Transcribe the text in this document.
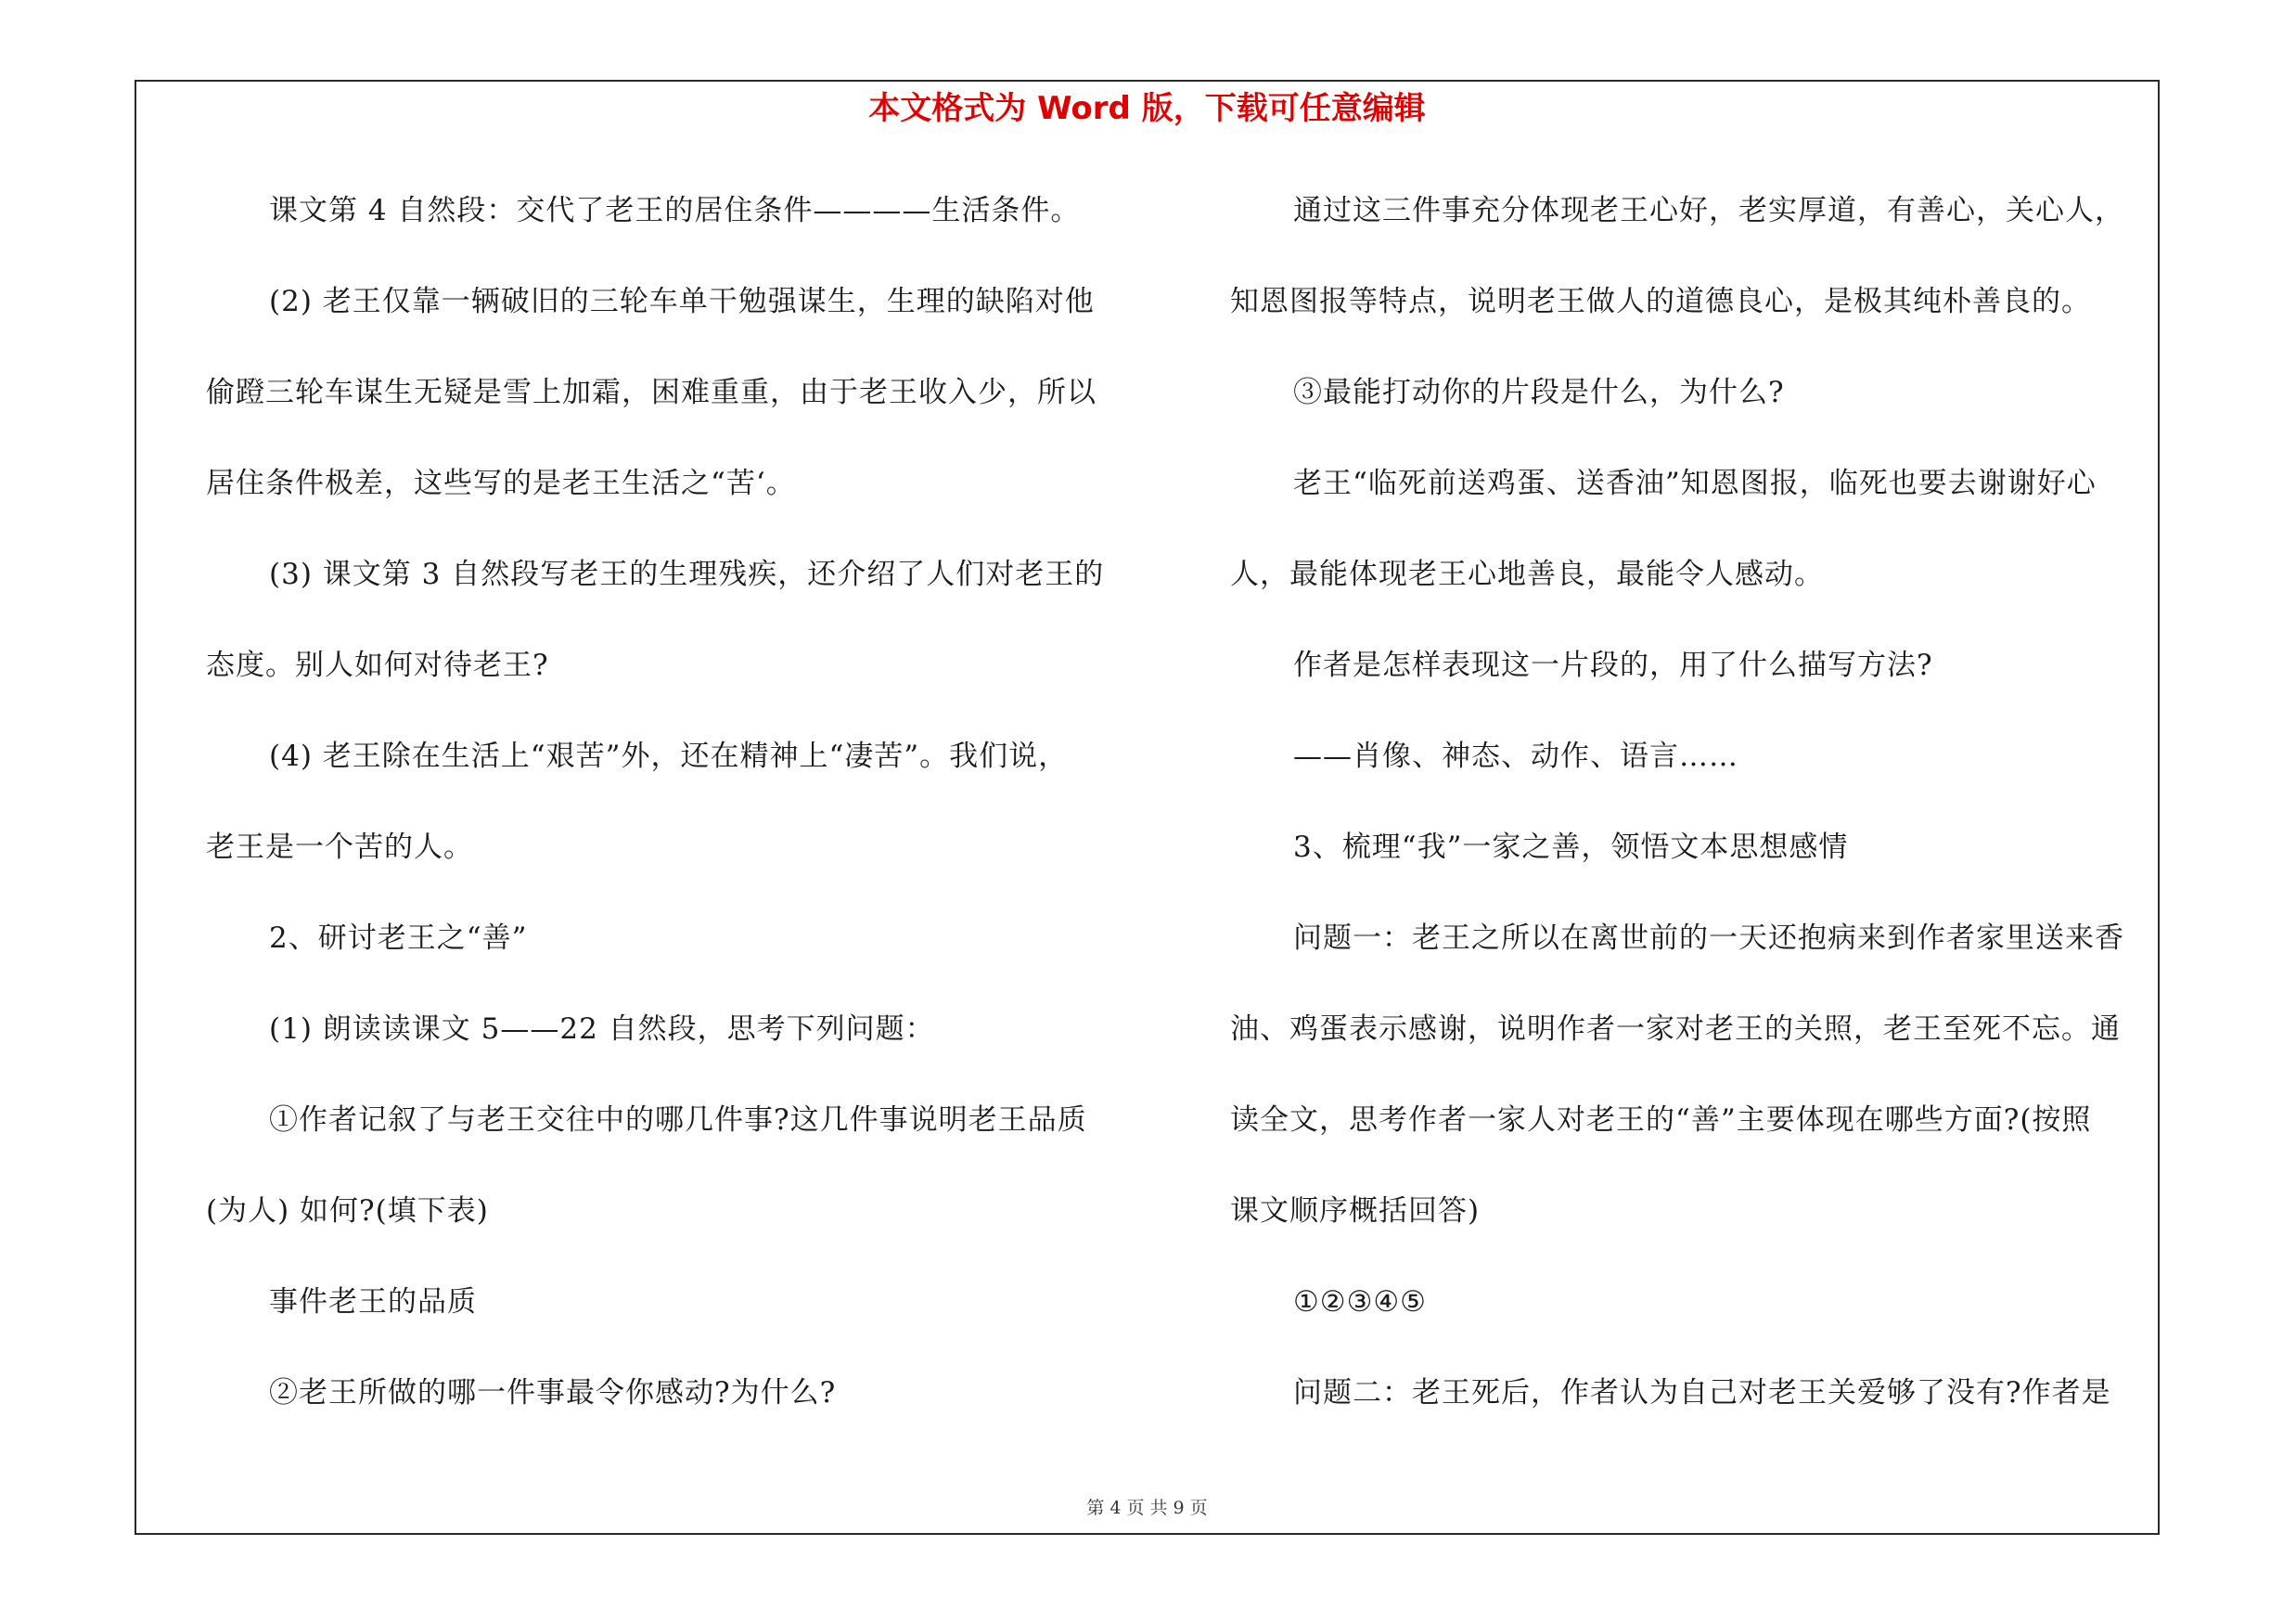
本文格式为 Word 版，下载可任意编辑
课文第 4 自然段：交代了老王的居住条件————生活条件。
(2) 老王仅靠一辆破旧的三轮车单干勉强谋生，生理的缺陷对他
偷蹬三轮车谋生无疑是雪上加霜，困难重重，由于老王收入少，所以
居住条件极差，这些写的是老王生活之“苦‘。
(3) 课文第 3 自然段写老王的生理残疾，还介绍了人们对老王的
态度。别人如何对待老王?
(4) 老王除在生活上“艰苦”外，还在精神上“凄苦”。我们说，
老王是一个苦的人。
2、研讨老王之“善”
(1) 朗读读课文 5——22 自然段，思考下列问题：
①作者记叙了与老王交往中的哪几件事?这几件事说明老王品质
(为人) 如何?(填下表)
事件老王的品质
②老王所做的哪一件事最令你感动?为什么?
通过这三件事充分体现老王心好，老实厚道，有善心，关心人，
知恩图报等特点，说明老王做人的道德良心，是极其纯朴善良的。
③最能打动你的片段是什么，为什么?
老王“临死前送鸡蛋、送香油”知恩图报，临死也要去谢谢好心
人，最能体现老王心地善良，最能令人感动。
作者是怎样表现这一片段的，用了什么描写方法?
——肖像、神态、动作、语言……
3、梳理“我”一家之善，领悟文本思想感情
问题一：老王之所以在离世前的一天还抱病来到作者家里送来香
油、鸡蛋表示感谢，说明作者一家对老王的关照，老王至死不忘。通
读全文，思考作者一家人对老王的“善”主要体现在哪些方面?(按照
课文顺序概括回答)
①②③④⑤
问题二：老王死后，作者认为自己对老王关爱够了没有?作者是
第 4 页 共 9 页
